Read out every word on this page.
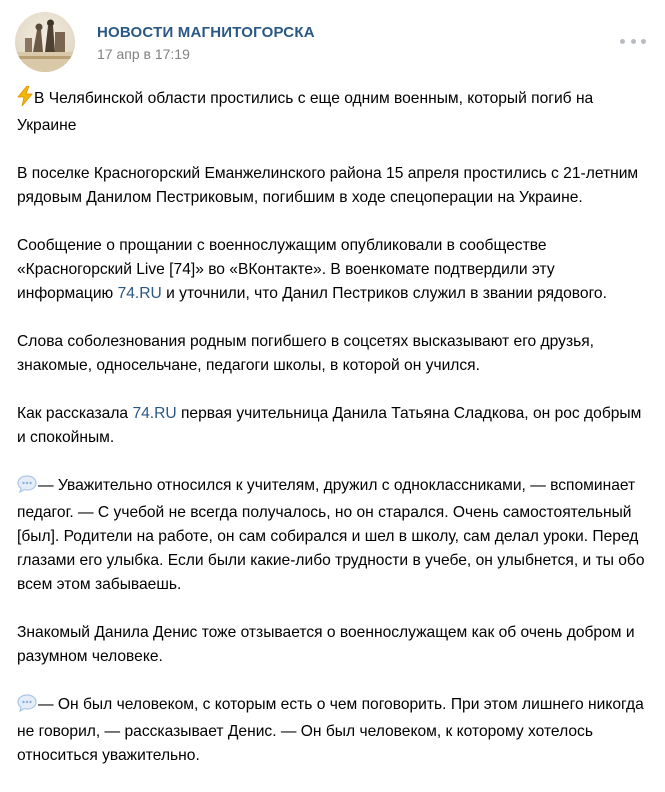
НОВОСТИ МАГНИТОГОРСКА
17 апр в 17:19

В Челябинской области простились с еще одним военным, который погиб на Украине

В поселке Красногорский Еманжелинского района 15 апреля простились с 21-летним рядовым Данилом Пестриковым, погибшим в ходе спецоперации на Украине.

Сообщение о прощании с военнослужащим опубликовали в сообществе «Красногорский Live [74]» во «ВКонтакте». В военкомате подтвердили эту информацию 74.RU и уточнили, что Данил Пестриков служил в звании рядового.

Слова соболезнования родным погибшего в соцсетях высказывают его друзья, знакомые, односельчане, педагоги школы, в которой он учился.

Как рассказала 74.RU первая учительница Данила Татьяна Сладкова, он рос добрым и спокойным.

— Уважительно относился к учителям, дружил с одноклассниками, — вспоминает педагог. — С учебой не всегда получалось, но он старался. Очень самостоятельный [был]. Родители на работе, он сам собирался и шел в школу, сам делал уроки. Перед глазами его улыбка. Если были какие-либо трудности в учебе, он улыбнется, и ты обо всем этом забываешь.

Знакомый Данила Денис тоже отзывается о военнослужащем как об очень добром и разумном человеке.

— Он был человеком, с которым есть о чем поговорить. При этом лишнего никогда не говорил, — рассказывает Денис. — Он был человеком, к которому хотелось относиться уважительно.
